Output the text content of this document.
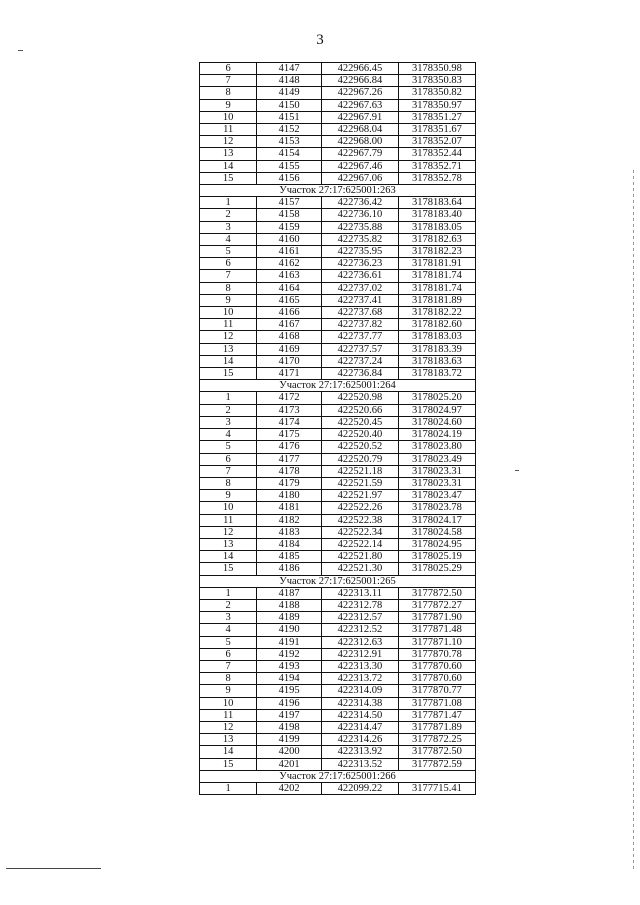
3
6	4147	422966.45	3178350.98
7	4148	422966.84	3178350.83
8	4149	422967.26	3178350.82
9	4150	422967.63	3178350.97
10	4151	422967.91	3178351.27
11	4152	422968.04	3178351.67
12	4153	422968.00	3178352.07
13	4154	422967.79	3178352.44
14	4155	422967.46	3178352.71
15	4156	422967.06	3178352.78
Участок 27:17:625001:263			
1	4157	422736.42	3178183.64
2	4158	422736.10	3178183.40
3	4159	422735.88	3178183.05
4	4160	422735.82	3178182.63
5	4161	422735.95	3178182.23
6	4162	422736.23	3178181.91
7	4163	422736.61	3178181.74
8	4164	422737.02	3178181.74
9	4165	422737.41	3178181.89
10	4166	422737.68	3178182.22
11	4167	422737.82	3178182.60
12	4168	422737.77	3178183.03
13	4169	422737.57	3178183.39
14	4170	422737.24	3178183.63
15	4171	422736.84	3178183.72
Участок 27:17:625001:264			
1	4172	422520.98	3178025.20
2	4173	422520.66	3178024.97
3	4174	422520.45	3178024.60
4	4175	422520.40	3178024.19
5	4176	422520.52	3178023.80
6	4177	422520.79	3178023.49
7	4178	422521.18	3178023.31
8	4179	422521.59	3178023.31
9	4180	422521.97	3178023.47
10	4181	422522.26	3178023.78
11	4182	422522.38	3178024.17
12	4183	422522.34	3178024.58
13	4184	422522.14	3178024.95
14	4185	422521.80	3178025.19
15	4186	422521.30	3178025.29
Участок 27:17:625001:265			
1	4187	422313.11	3177872.50
2	4188	422312.78	3177872.27
3	4189	422312.57	3177871.90
4	4190	422312.52	3177871.48
5	4191	422312.63	3177871.10
6	4192	422312.91	3177870.78
7	4193	422313.30	3177870.60
8	4194	422313.72	3177870.60
9	4195	422314.09	3177870.77
10	4196	422314.38	3177871.08
11	4197	422314.50	3177871.47
12	4198	422314.47	3177871.89
13	4199	422314.26	3177872.25
14	4200	422313.92	3177872.50
15	4201	422313.52	3177872.59
Участок 27:17:625001:266			
1	4202	422099.22	3177715.41
